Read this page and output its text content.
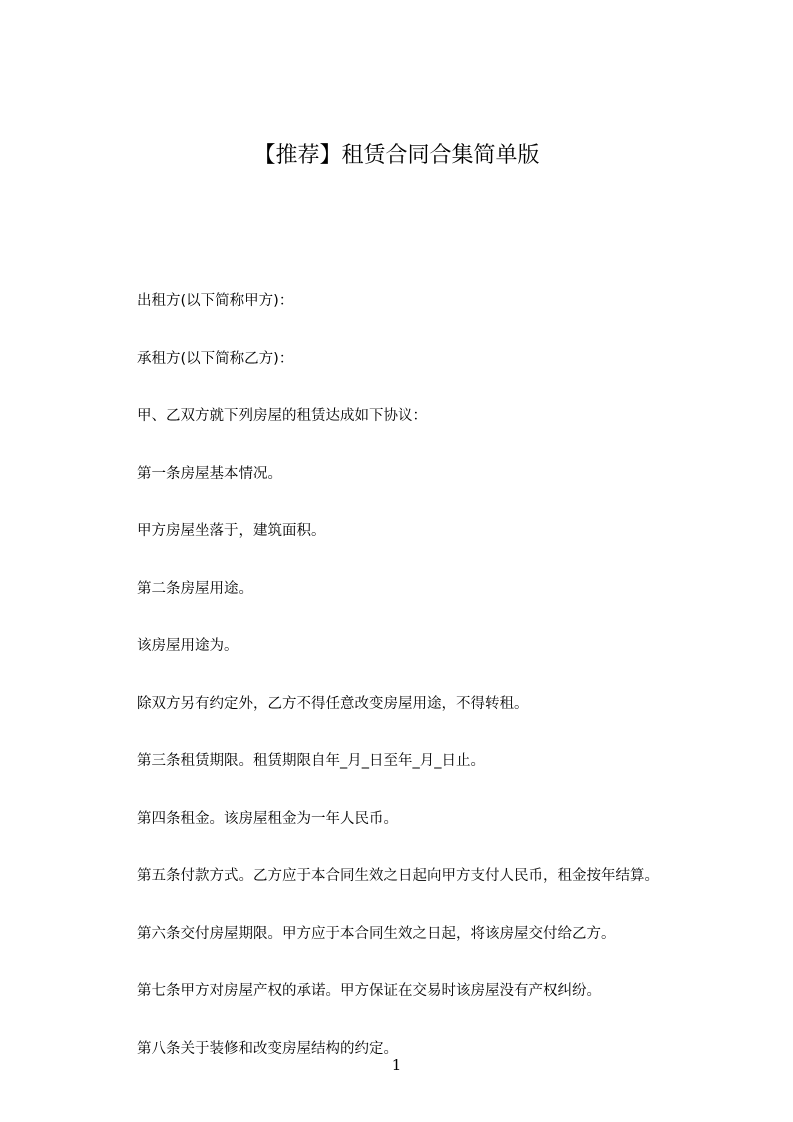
【推荐】租赁合同合集简单版

出租方(以下简称甲方)：

承租方(以下简称乙方)：

甲、乙双方就下列房屋的租赁达成如下协议：

第一条房屋基本情况。

甲方房屋坐落于，建筑面积。

第二条房屋用途。

该房屋用途为。

除双方另有约定外，乙方不得任意改变房屋用途，不得转租。

第三条租赁期限。租赁期限自年_月_日至年_月_日止。

第四条租金。该房屋租金为一年人民币。

第五条付款方式。乙方应于本合同生效之日起向甲方支付人民币，租金按年结算。

第六条交付房屋期限。甲方应于本合同生效之日起，将该房屋交付给乙方。

第七条甲方对房屋产权的承诺。甲方保证在交易时该房屋没有产权纠纷。

第八条关于装修和改变房屋结构的约定。

1
